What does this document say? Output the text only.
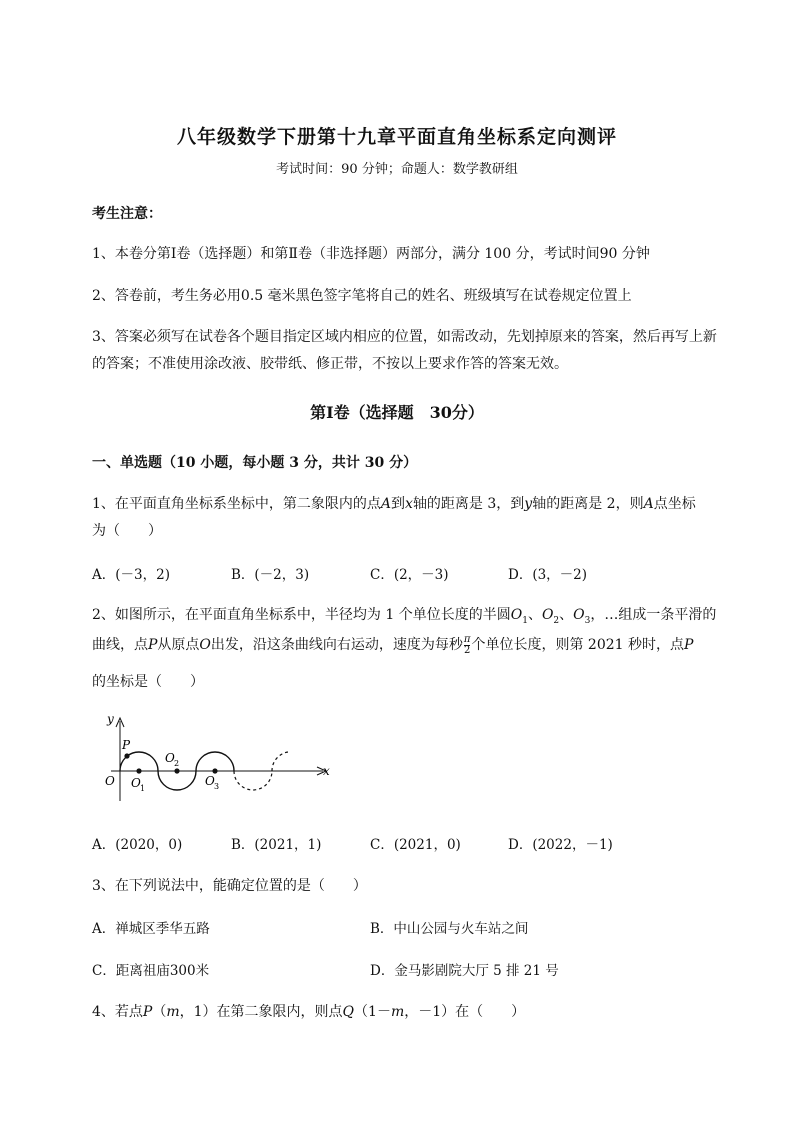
八年级数学下册第十九章平面直角坐标系定向测评
考试时间：90 分钟；命题人：数学教研组
考生注意：
1、本卷分第Ⅰ卷（选择题）和第Ⅱ卷（非选择题）两部分，满分 100 分，考试时间90 分钟
2、答卷前，考生务必用0.5 毫米黑色签字笔将自己的姓名、班级填写在试卷规定位置上
3、答案必须写在试卷各个题目指定区域内相应的位置，如需改动，先划掉原来的答案，然后再写上新
的答案；不准使用涂改液、胶带纸、修正带，不按以上要求作答的答案无效。
第Ⅰ卷（选择题　30分）
一、单选题（10 小题，每小题 3 分，共计 30 分）
1、在平面直角坐标系坐标中，第二象限内的点A到x轴的距离是 3，到y轴的距离是 2，则A点坐标
为（　　）
A．(－3，2)	B．(－2，3)	C．(2，－3)	D．(3，－2)
2、如图所示，在平面直角坐标系中，半径均为 1 个单位长度的半圆$O_1$、$O_2$、$O_3$，…组成一条平滑的
曲线，点P从原点O出发，沿这条曲线向右运动，速度为每秒 $\frac{\pi}{2}$ 个单位长度，则第 2021 秒时，点P
的坐标是（　　）
y
x
P
O O 1
O 2
O 3
A．(2020，0)	B．(2021，1)	C．(2021，0)	D．(2022，－1)
3、在下列说法中，能确定位置的是（　　）
A．禅城区季华五路	B．中山公园与火车站之间
C．距离祖庙300米	D．金马影剧院大厅 5 排 21 号
4、若点P（m，1）在第二象限内，则点Q（1－m，－1）在（　　）
